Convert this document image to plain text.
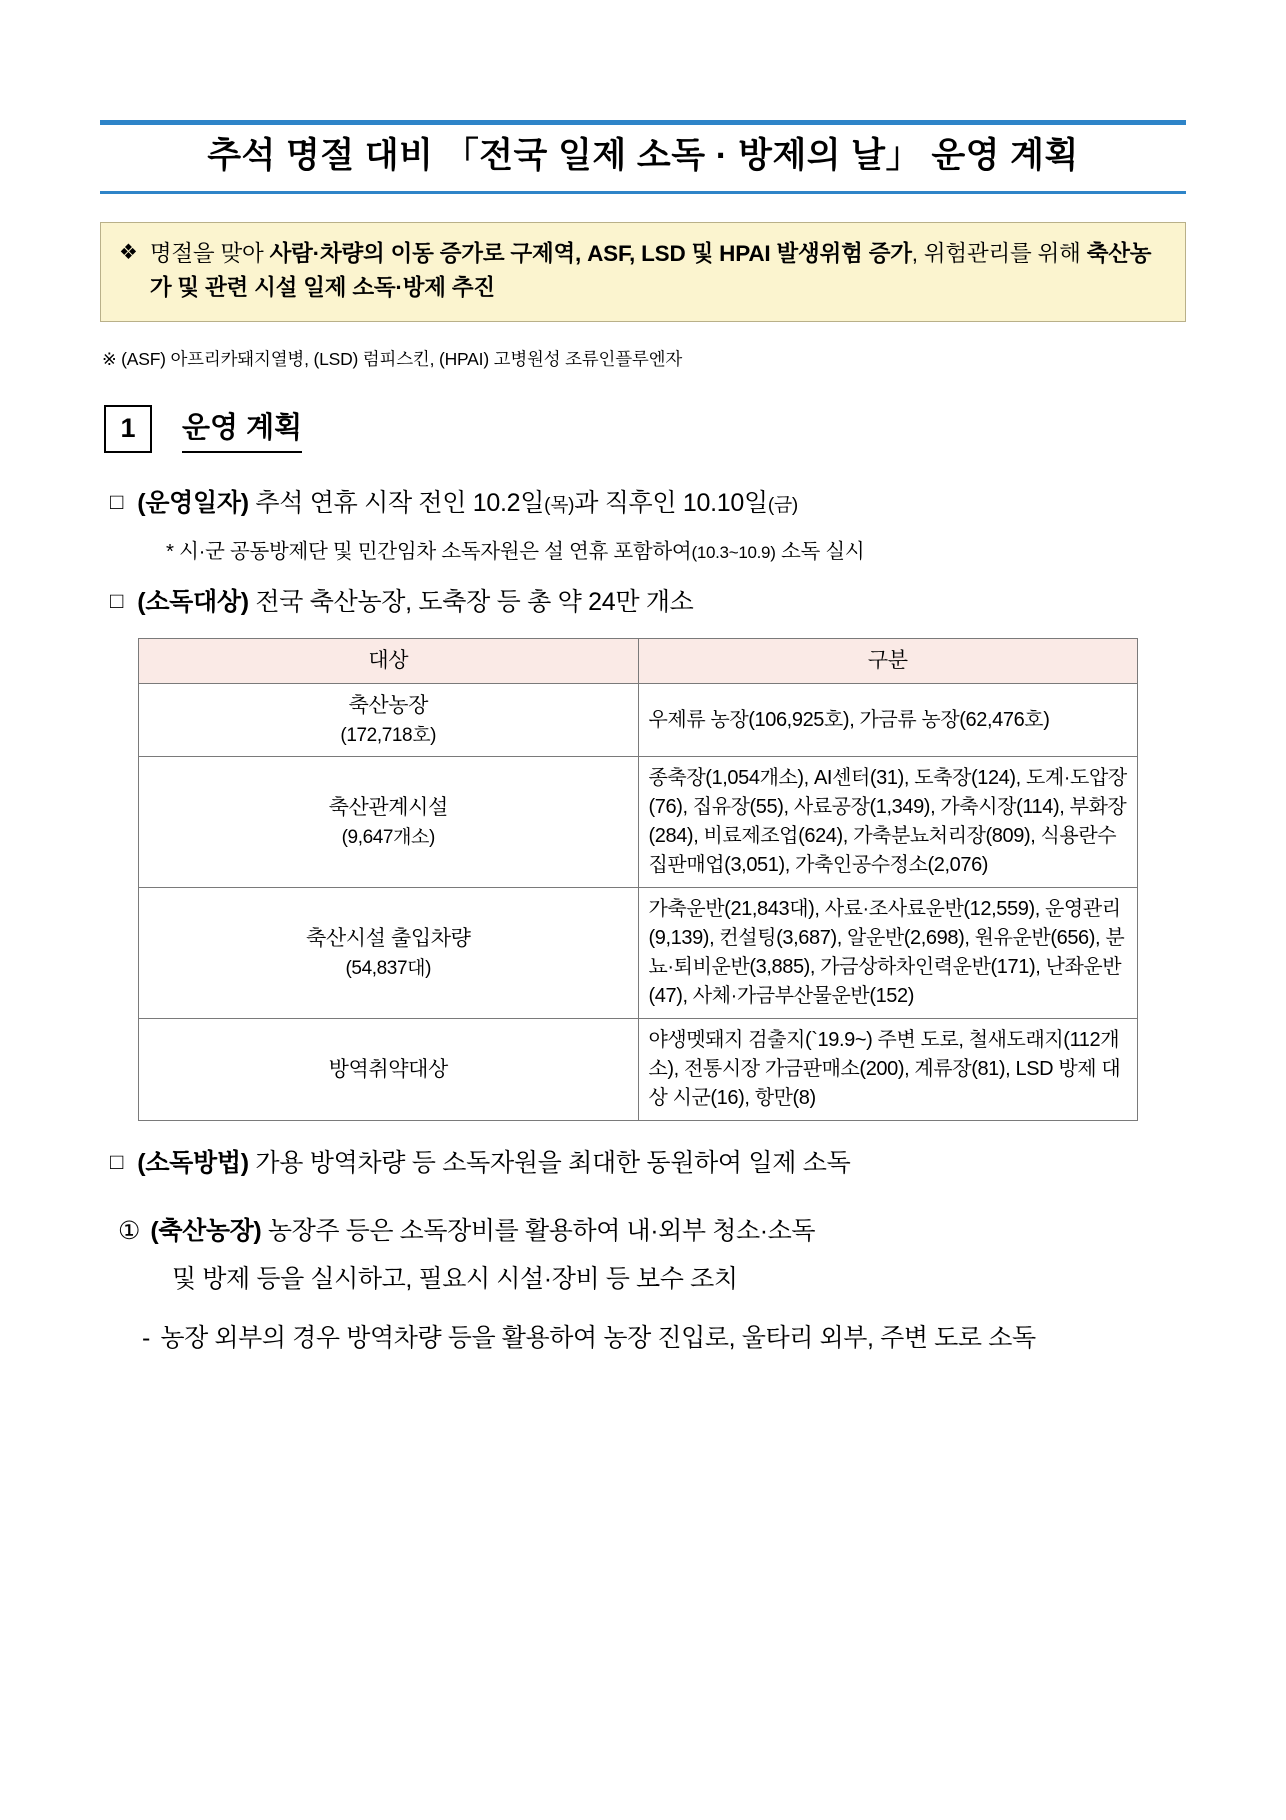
추석 명절 대비 「전국 일제 소독 · 방제의 날」 운영 계획
❖ 명절을 맞아 사람·차량의 이동 증가로 구제역, ASF, LSD 및 HPAI 발생위험 증가, 위험관리를 위해 축산농가 및 관련 시설 일제 소독·방제 추진
※ (ASF) 아프리카돼지열병, (LSD) 럼피스킨, (HPAI) 고병원성 조류인플루엔자
1	운영 계획
□ (운영일자) 추석 연휴 시작 전인 10.2일(목)과 직후인 10.10일(금)
* 시·군 공동방제단 및 민간임차 소독자원은 설 연휴 포함하여(10.3~10.9) 소독 실시
□ (소독대상) 전국 축산농장, 도축장 등 총 약 24만 개소
대상	구분

축산농장
(172,718호)	우제류 농장(106,925호), 가금류 농장(62,476호)

축산관계시설
(9,647개소)	종축장(1,054개소), AI센터(31), 도축장(124), 도계·도압장(76), 집유장(55), 사료공장(1,349), 가축시장(114), 부화장(284), 비료제조업(624), 가축분뇨처리장(809), 식용란수집판매업(3,051), 가축인공수정소(2,076)

축산시설 출입차량
(54,837대)	가축운반(21,843대), 사료·조사료운반(12,559), 운영관리(9,139), 컨설팅(3,687), 알운반(2,698), 원유운반(656), 분뇨·퇴비운반(3,885), 가금상하차인력운반(171), 난좌운반(47), 사체·가금부산물운반(152)

방역취약대상	야생멧돼지 검출지(`19.9~) 주변 도로, 철새도래지(112개소), 전통시장 가금판매소(200), 계류장(81), LSD 방제 대상 시군(16), 항만(8)
□ (소독방법) 가용 방역차량 등 소독자원을 최대한 동원하여 일제 소독
① (축산농장) 농장주 등은 소독장비를 활용하여 내·외부 청소·소독
및 방제 등을 실시하고, 필요시 시설·장비 등 보수 조치
- 농장 외부의 경우 방역차량 등을 활용하여 농장 진입로, 울타리 외부, 주변 도로 소독
